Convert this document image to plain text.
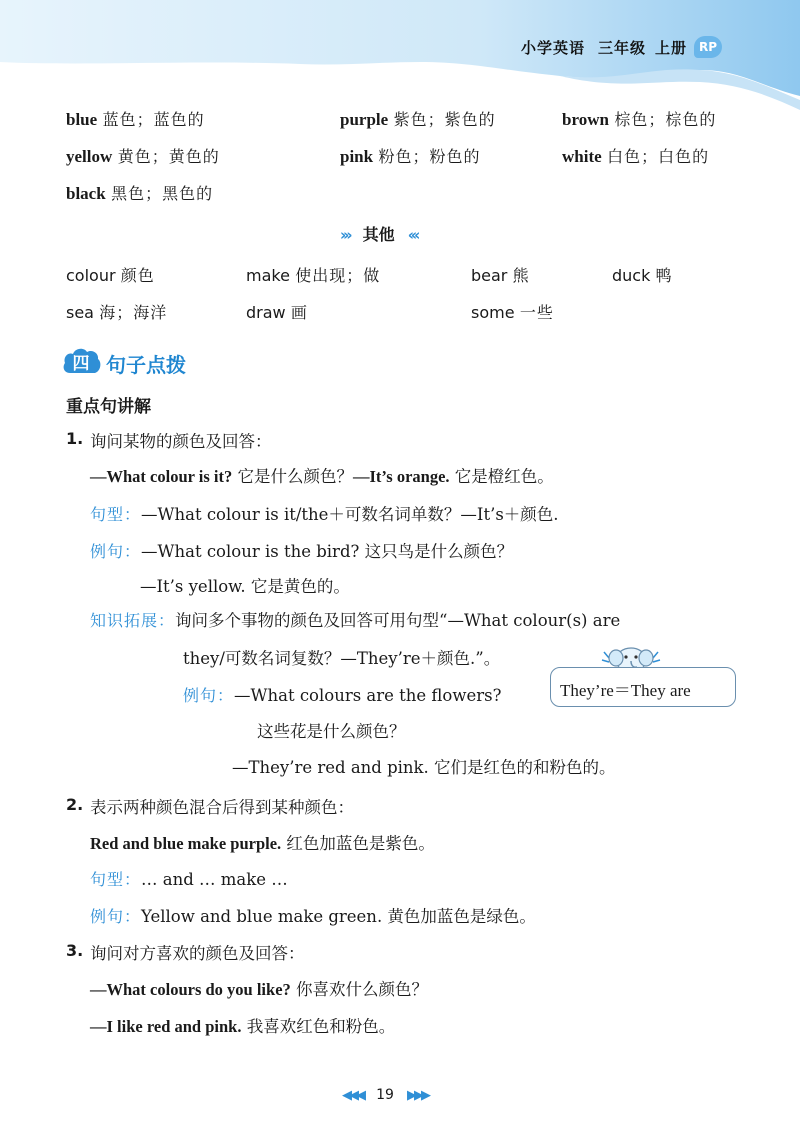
小学英语 三年级 上册 RP
blue 蓝色；蓝色的	purple 紫色；紫色的	brown 棕色；棕色的
yellow 黄色；黄色的	pink 粉色；粉色的	white 白色；白色的
black 黑色；黑色的
››› 其他 ‹‹‹
colour 颜色	make 使出现；做	bear 熊	duck 鸭
sea 海；海洋	draw 画	some 一些
四 句子点拨
重点句讲解
1. 询问某物的颜色及回答：
—What colour is it? 它是什么颜色？—It’s orange. 它是橙红色。
句型：—What colour is it/the＋可数名词单数？—It’s＋颜色.
例句：—What colour is the bird? 这只鸟是什么颜色？
—It’s yellow. 它是黄色的。
知识拓展：询问多个事物的颜色及回答可用句型“—What colour(s) are
they/可数名词复数？—They’re＋颜色.”。
例句：—What colours are the flowers?
这些花是什么颜色？
—They’re red and pink. 它们是红色的和粉色的。
They’re＝They are
2. 表示两种颜色混合后得到某种颜色：
Red and blue make purple. 红色加蓝色是紫色。
句型：… and … make …
例句：Yellow and blue make green. 黄色加蓝色是绿色。
3. 询问对方喜欢的颜色及回答：
—What colours do you like? 你喜欢什么颜色？
—I like red and pink. 我喜欢红色和粉色。
◀◀◀ 19 ▶▶▶
